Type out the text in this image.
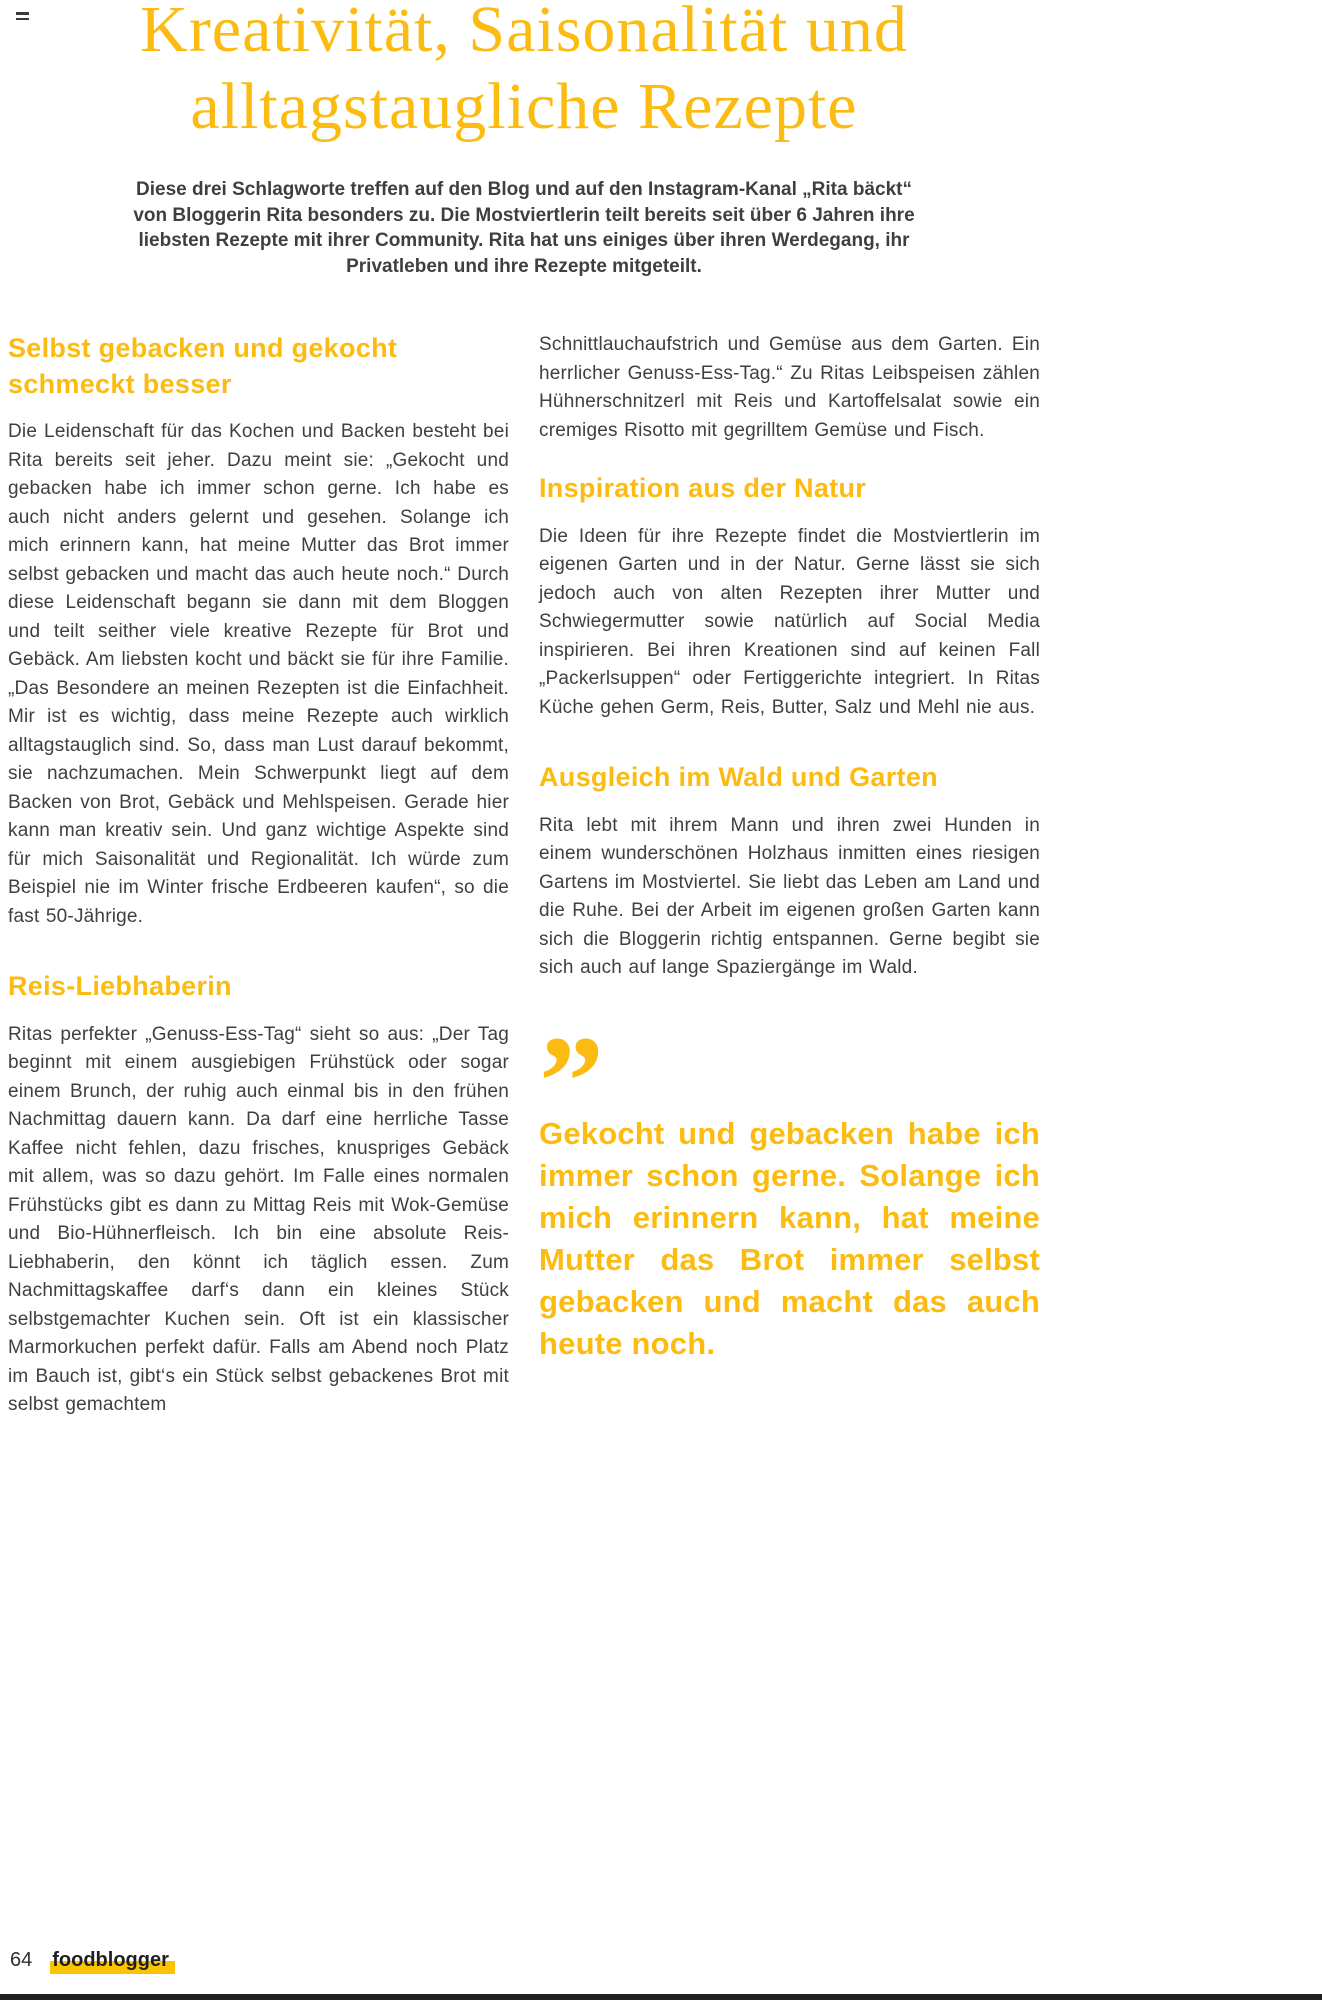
Kreativität, Saisonalität und alltagstaugliche Rezepte

Diese drei Schlagworte treffen auf den Blog und auf den Instagram-Kanal „Rita bäckt“ von Bloggerin Rita besonders zu. Die Mostviertlerin teilt bereits seit über 6 Jahren ihre liebsten Rezepte mit ihrer Community. Rita hat uns einiges über ihren Werdegang, ihr Privatleben und ihre Rezepte mitgeteilt.

Selbst gebacken und gekocht schmeckt besser

Die Leidenschaft für das Kochen und Backen besteht bei Rita bereits seit jeher. Dazu meint sie: „Gekocht und gebacken habe ich immer schon gerne. Ich habe es auch nicht anders gelernt und gesehen. Solange ich mich erinnern kann, hat meine Mutter das Brot immer selbst gebacken und macht das auch heute noch.“ Durch diese Leidenschaft begann sie dann mit dem Bloggen und teilt seither viele kreative Rezepte für Brot und Gebäck. Am liebsten kocht und bäckt sie für ihre Familie. „Das Besondere an meinen Rezepten ist die Einfachheit. Mir ist es wichtig, dass meine Rezepte auch wirklich alltagstauglich sind. So, dass man Lust darauf bekommt, sie nachzumachen. Mein Schwerpunkt liegt auf dem Backen von Brot, Gebäck und Mehlspeisen. Gerade hier kann man kreativ sein. Und ganz wichtige Aspekte sind für mich Saisonalität und Regionalität. Ich würde zum Beispiel nie im Winter frische Erdbeeren kaufen“, so die fast 50-Jährige.

Reis-Liebhaberin

Ritas perfekter „Genuss-Ess-Tag“ sieht so aus: „Der Tag beginnt mit einem ausgiebigen Frühstück oder sogar einem Brunch, der ruhig auch einmal bis in den frühen Nachmittag dauern kann. Da darf eine herrliche Tasse Kaffee nicht fehlen, dazu frisches, knuspriges Gebäck mit allem, was so dazu gehört. Im Falle eines normalen Frühstücks gibt es dann zu Mittag Reis mit Wok-Gemüse und Bio-Hühnerfleisch. Ich bin eine absolute Reis-Liebhaberin, den könnt ich täglich essen. Zum Nachmittagskaffee darf‘s dann ein kleines Stück selbstgemachter Kuchen sein. Oft ist ein klassischer Marmorkuchen perfekt dafür. Falls am Abend noch Platz im Bauch ist, gibt‘s ein Stück selbst gebackenes Brot mit selbst gemachtem

Schnittlauchaufstrich und Gemüse aus dem Garten. Ein herrlicher Genuss-Ess-Tag.“ Zu Ritas Leibspeisen zählen Hühnerschnitzerl mit Reis und Kartoffelsalat sowie ein cremiges Risotto mit gegrilltem Gemüse und Fisch.

Inspiration aus der Natur

Die Ideen für ihre Rezepte findet die Mostviertlerin im eigenen Garten und in der Natur. Gerne lässt sie sich jedoch auch von alten Rezepten ihrer Mutter und Schwiegermutter sowie natürlich auf Social Media inspirieren. Bei ihren Kreationen sind auf keinen Fall „Packerlsuppen“ oder Fertiggerichte integriert. In Ritas Küche gehen Germ, Reis, Butter, Salz und Mehl nie aus.

Ausgleich im Wald und Garten

Rita lebt mit ihrem Mann und ihren zwei Hunden in einem wunderschönen Holzhaus inmitten eines riesigen Gartens im Mostviertel. Sie liebt das Leben am Land und die Ruhe. Bei der Arbeit im eigenen großen Garten kann sich die Bloggerin richtig entspannen. Gerne begibt sie sich auch auf lange Spaziergänge im Wald.

”
Gekocht und gebacken habe ich immer schon gerne. Solange ich mich erinnern kann, hat meine Mutter das Brot immer selbst gebacken und macht das auch heute noch.
64 foodblogger
